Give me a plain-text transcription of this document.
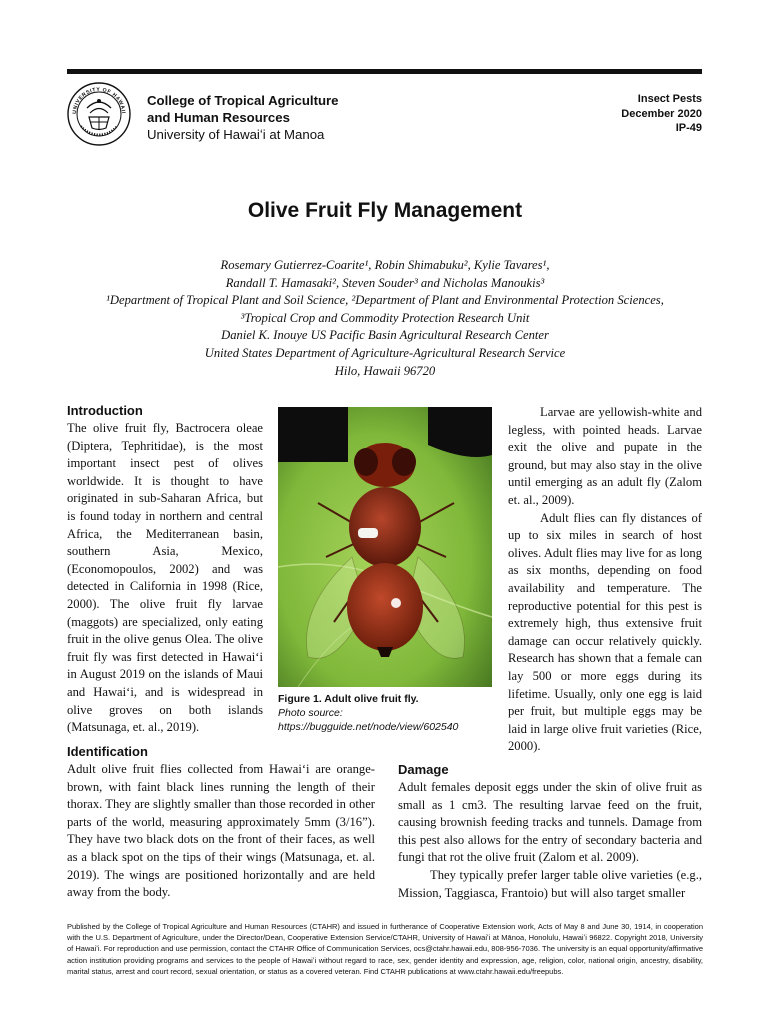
UNIVERSITY OF HAWAII
College of Tropical Agriculture
and Human Resources
University of Hawaiʻi at Manoa
Insect Pests
December 2020
IP-49
Olive Fruit Fly Management
Rosemary Gutierrez-Coarite¹, Robin Shimabuku², Kylie Tavares¹,
Randall T. Hamasaki², Steven Souder³ and Nicholas Manoukis³
¹Department of Tropical Plant and Soil Science, ²Department of Plant and Environmental Protection Sciences,
³Tropical Crop and Commodity Protection Research Unit
Daniel K. Inouye US Pacific Basin Agricultural Research Center
United States Department of Agriculture-Agricultural Research Service
Hilo, Hawaii 96720
Introduction

The olive fruit fly, Bactrocera oleae (Diptera, Tephritidae), is the most important insect pest of olives worldwide. It is thought to have originated in sub-Saharan Africa, but is found today in northern and central Africa, the Mediterranean basin, southern Asia, Mexico, (Economopoulos, 2002) and was detected in California in 1998 (Rice, 2000). The olive fruit fly larvae (maggots) are specialized, only eating fruit in the olive genus Olea. The olive fruit fly was first detected in Hawaiʻi in August 2019 on the islands of Maui and Hawaiʻi, and is widespread in olive groves on both islands (Matsunaga, et. al., 2019).

Figure 1. Adult olive fruit fly.
Photo source: https://bugguide.net/node/view/602540

Larvae are yellowish-white and legless, with pointed heads. Larvae exit the olive and pupate in the ground, but may also stay in the olive until emerging as an adult fly (Zalom et. al., 2009).

Adult flies can fly distances of up to six miles in search of host olives. Adult flies may live for as long as six months, depending on food availability and temperature. The reproductive potential for this pest is extremely high, thus extensive fruit damage can occur relatively quickly. Research has shown that a female can lay 500 or more eggs during its lifetime. Usually, only one egg is laid per fruit, but multiple eggs may be laid in large olive fruit varieties (Rice, 2000).

Identification

Adult olive fruit flies collected from Hawaiʻi are orange-brown, with faint black lines running the length of their thorax. They are slightly smaller than those recorded in other parts of the world, measuring approximately 5mm (3/16”). They have two black dots on the front of their faces, as well as a black spot on the tips of their wings (Matsunaga, et. al. 2019). The wings are positioned horizontally and are held away from the body.

Damage

Adult females deposit eggs under the skin of olive fruit as small as 1 cm3. The resulting larvae feed on the fruit, causing brownish feeding tracks and tunnels. Damage from this pest also allows for the entry of secondary bacteria and fungi that rot the olive fruit (Zalom et al. 2009).

They typically prefer larger table olive varieties (e.g., Mission, Taggiasca, Frantoio) but will also target smaller

Published by the College of Tropical Agriculture and Human Resources (CTAHR) and issued in furtherance of Cooperative Extension work, Acts of May 8 and June 30, 1914, in cooperation with the U.S. Department of Agriculture, under the Director/Dean, Cooperative Extension Service/CTAHR, University of Hawaiʻi at Mānoa, Honolulu, Hawaiʻi 96822. Copyright 2018, University of Hawaiʻi. For reproduction and use permission, contact the CTAHR Office of Communication Services, ocs@ctahr.hawaii.edu, 808-956-7036. The university is an equal opportunity/affirmative action institution providing programs and services to the people of Hawaiʻi without regard to race, sex, gender identity and expression, age, religion, color, national origin, ancestry, disability, marital status, arrest and court record, sexual orientation, or status as a covered veteran. Find CTAHR publications at www.ctahr.hawaii.edu/freepubs.
